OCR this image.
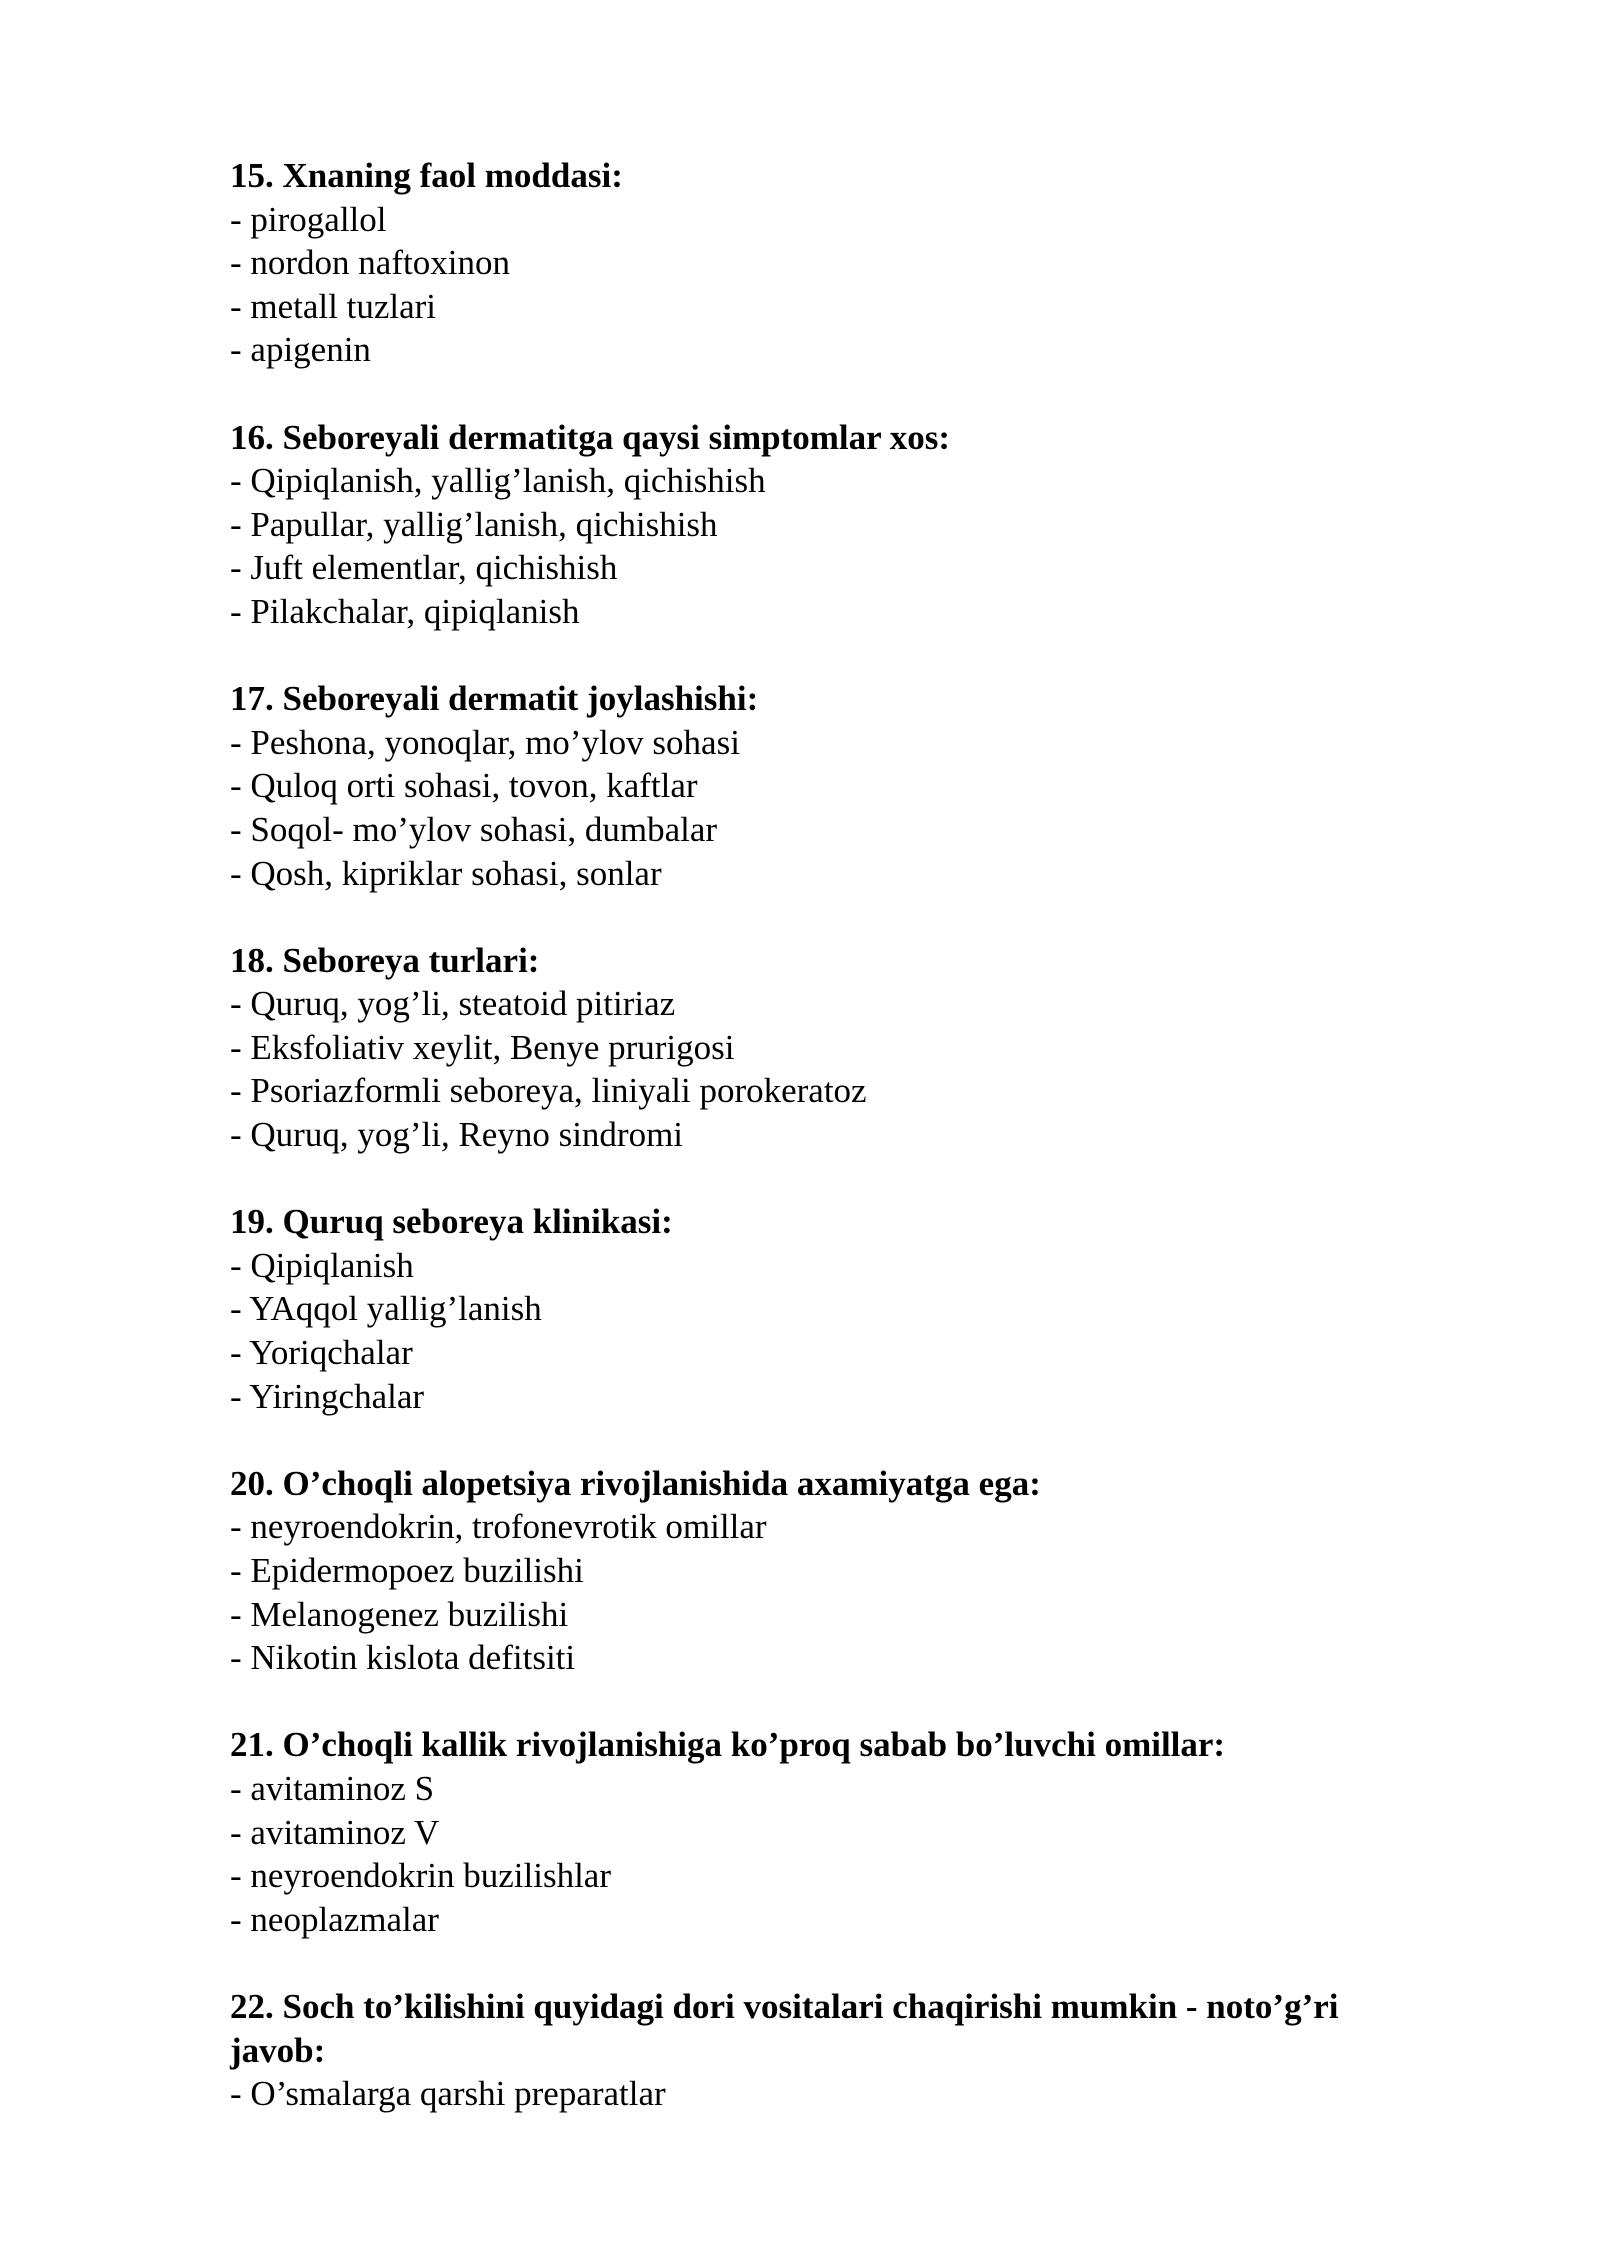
15. Xnaning faol moddasi:

- pirogallol
- nordon naftoxinon
- metall tuzlari
- apigenin

16. Seboreyali dermatitga qaysi simptomlar xos:

- Qipiqlanish, yallig’lanish, qichishish
- Papullar, yallig’lanish, qichishish
- Juft elementlar, qichishish
- Pilakchalar, qipiqlanish

17. Seboreyali dermatit joylashishi:

- Peshona, yonoqlar, mo’ylov sohasi
- Quloq orti sohasi, tovon, kaftlar
- Soqol- mo’ylov sohasi, dumbalar
- Qosh, kipriklar sohasi, sonlar

18. Seboreya turlari:

- Quruq, yog’li, steatoid pitiriaz
- Eksfoliativ xeylit, Benye prurigosi
- Psoriazformli seboreya, liniyali porokeratoz
- Quruq, yog’li, Reyno sindromi

19. Quruq seboreya klinikasi:

- Qipiqlanish
- YAqqol yallig’lanish
- Yoriqchalar
- Yiringchalar

20. O’choqli alopetsiya rivojlanishida axamiyatga ega:

- neyroendokrin, trofonevrotik omillar
- Epidermopoez buzilishi
- Melanogenez buzilishi
- Nikotin kislota defitsiti

21. O’choqli kallik rivojlanishiga ko’proq sabab bo’luvchi omillar:

- avitaminoz S
- avitaminoz V
- neyroendokrin buzilishlar
- neoplazmalar

22. Soch to’kilishini quyidagi dori vositalari chaqirishi mumkin - noto’g’ri javob:

- O’smalarga qarshi preparatlar
